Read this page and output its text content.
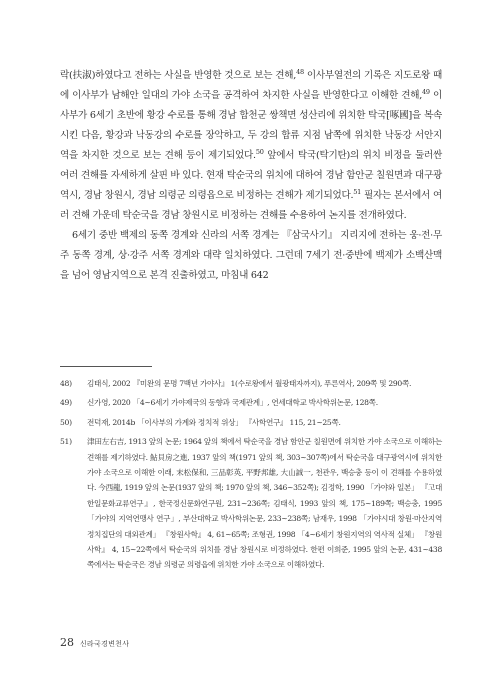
락(扶淑)하였다고 전하는 사실을 반영한 것으로 보는 견해,$^{48}$ 이사부열전의 기록은 지도로왕 때에 이사부가 남해안 일대의 가야 소국을 공격하여 차지한 사실을 반영한다고 이해한 견해,$^{49}$ 이사부가 6세기 초반에 황강 수로를 통해 경남 합천군 쌍책면 성산리에 위치한 탁국[啄國]을 복속시킨 다음, 황강과 낙동강의 수로를 장악하고, 두 강의 합류 지점 남쪽에 위치한 낙동강 서안지역을 차지한 것으로 보는 견해 등이 제기되었다.$^{50}$ 앞에서 탁국(탁기탄)의 위치 비정을 둘러싼 여러 견해를 자세하게 살핀 바 있다. 현재 탁순국의 위치에 대하여 경남 함안군 칠원면과 대구광역시, 경남 창원시, 경남 의령군 의령읍으로 비정하는 견해가 제기되었다.$^{51}$ 필자는 본서에서 여러 견해 가운데 탁순국을 경남 창원시로 비정하는 견해를 수용하여 논지를 전개하였다.

6세기 중반 백제의 동쪽 경계와 신라의 서쪽 경계는 『삼국사기』 지리지에 전하는 웅·전·무주 동쪽 경계, 상·강주 서쪽 경계와 대략 일치하였다. 그런데 7세기 전·중반에 백제가 소백산맥을 넘어 영남지역으로 본격 진출하였고, 마침내 642

48)	김태식, 2002 『미완의 문명 7백년 가야사』 1(수로왕에서 월광태자까지), 푸른역사, 209쪽 및 290쪽.
49)	신가영, 2020 「4~6세기 가야제국의 동향과 국제관계」, 연세대학교 박사학위논문, 128쪽.
50)	전덕재, 2014b 「이사부의 가계와 정치적 위상」 『사학연구』 115, 21~25쪽.
51)	津田左右吉, 1913 앞의 논문; 1964 앞의 책에서 탁순국을 경남 함안군 칠원면에 위치한 가야 소국으로 이해하는 견해를 제기하였다. 鮎貝房之進, 1937 앞의 책(1971 앞의 책, 303~307쪽)에서 탁순국을 대구광역시에 위치한 가야 소국으로 이해한 이래, 末松保和, 三品彰英, 平野邦雄, 大山誠一, 천관우, 백승충 등이 이 견해를 수용하였다. 今西龍, 1919 앞의 논문(1937 앞의 책; 1970 앞의 책, 346~352쪽); 김정학, 1990 「가야와 일본」 『고대한일문화교류연구』, 한국정신문화연구원, 231~236쪽; 김태식, 1993 앞의 책, 175~189쪽; 백승충, 1995 「가야의 지역연맹사 연구」, 부산대학교 박사학위논문, 233~238쪽; 남재우, 1998 「가야시대 창원·마산지역 정치집단의 대외관계」 『창원사학』 4, 61~65쪽; 조형권, 1998 「4~6세기 창원지역의 역사적 실체」 『창원사학』 4, 15~22쪽에서 탁순국의 위치를 경남 창원시로 비정하였다. 한편 이희준, 1995 앞의 논문, 431~438쪽에서는 탁순국은 경남 의령군 의령읍에 위치한 가야 소국으로 이해하였다.
28 신라국경변천사
